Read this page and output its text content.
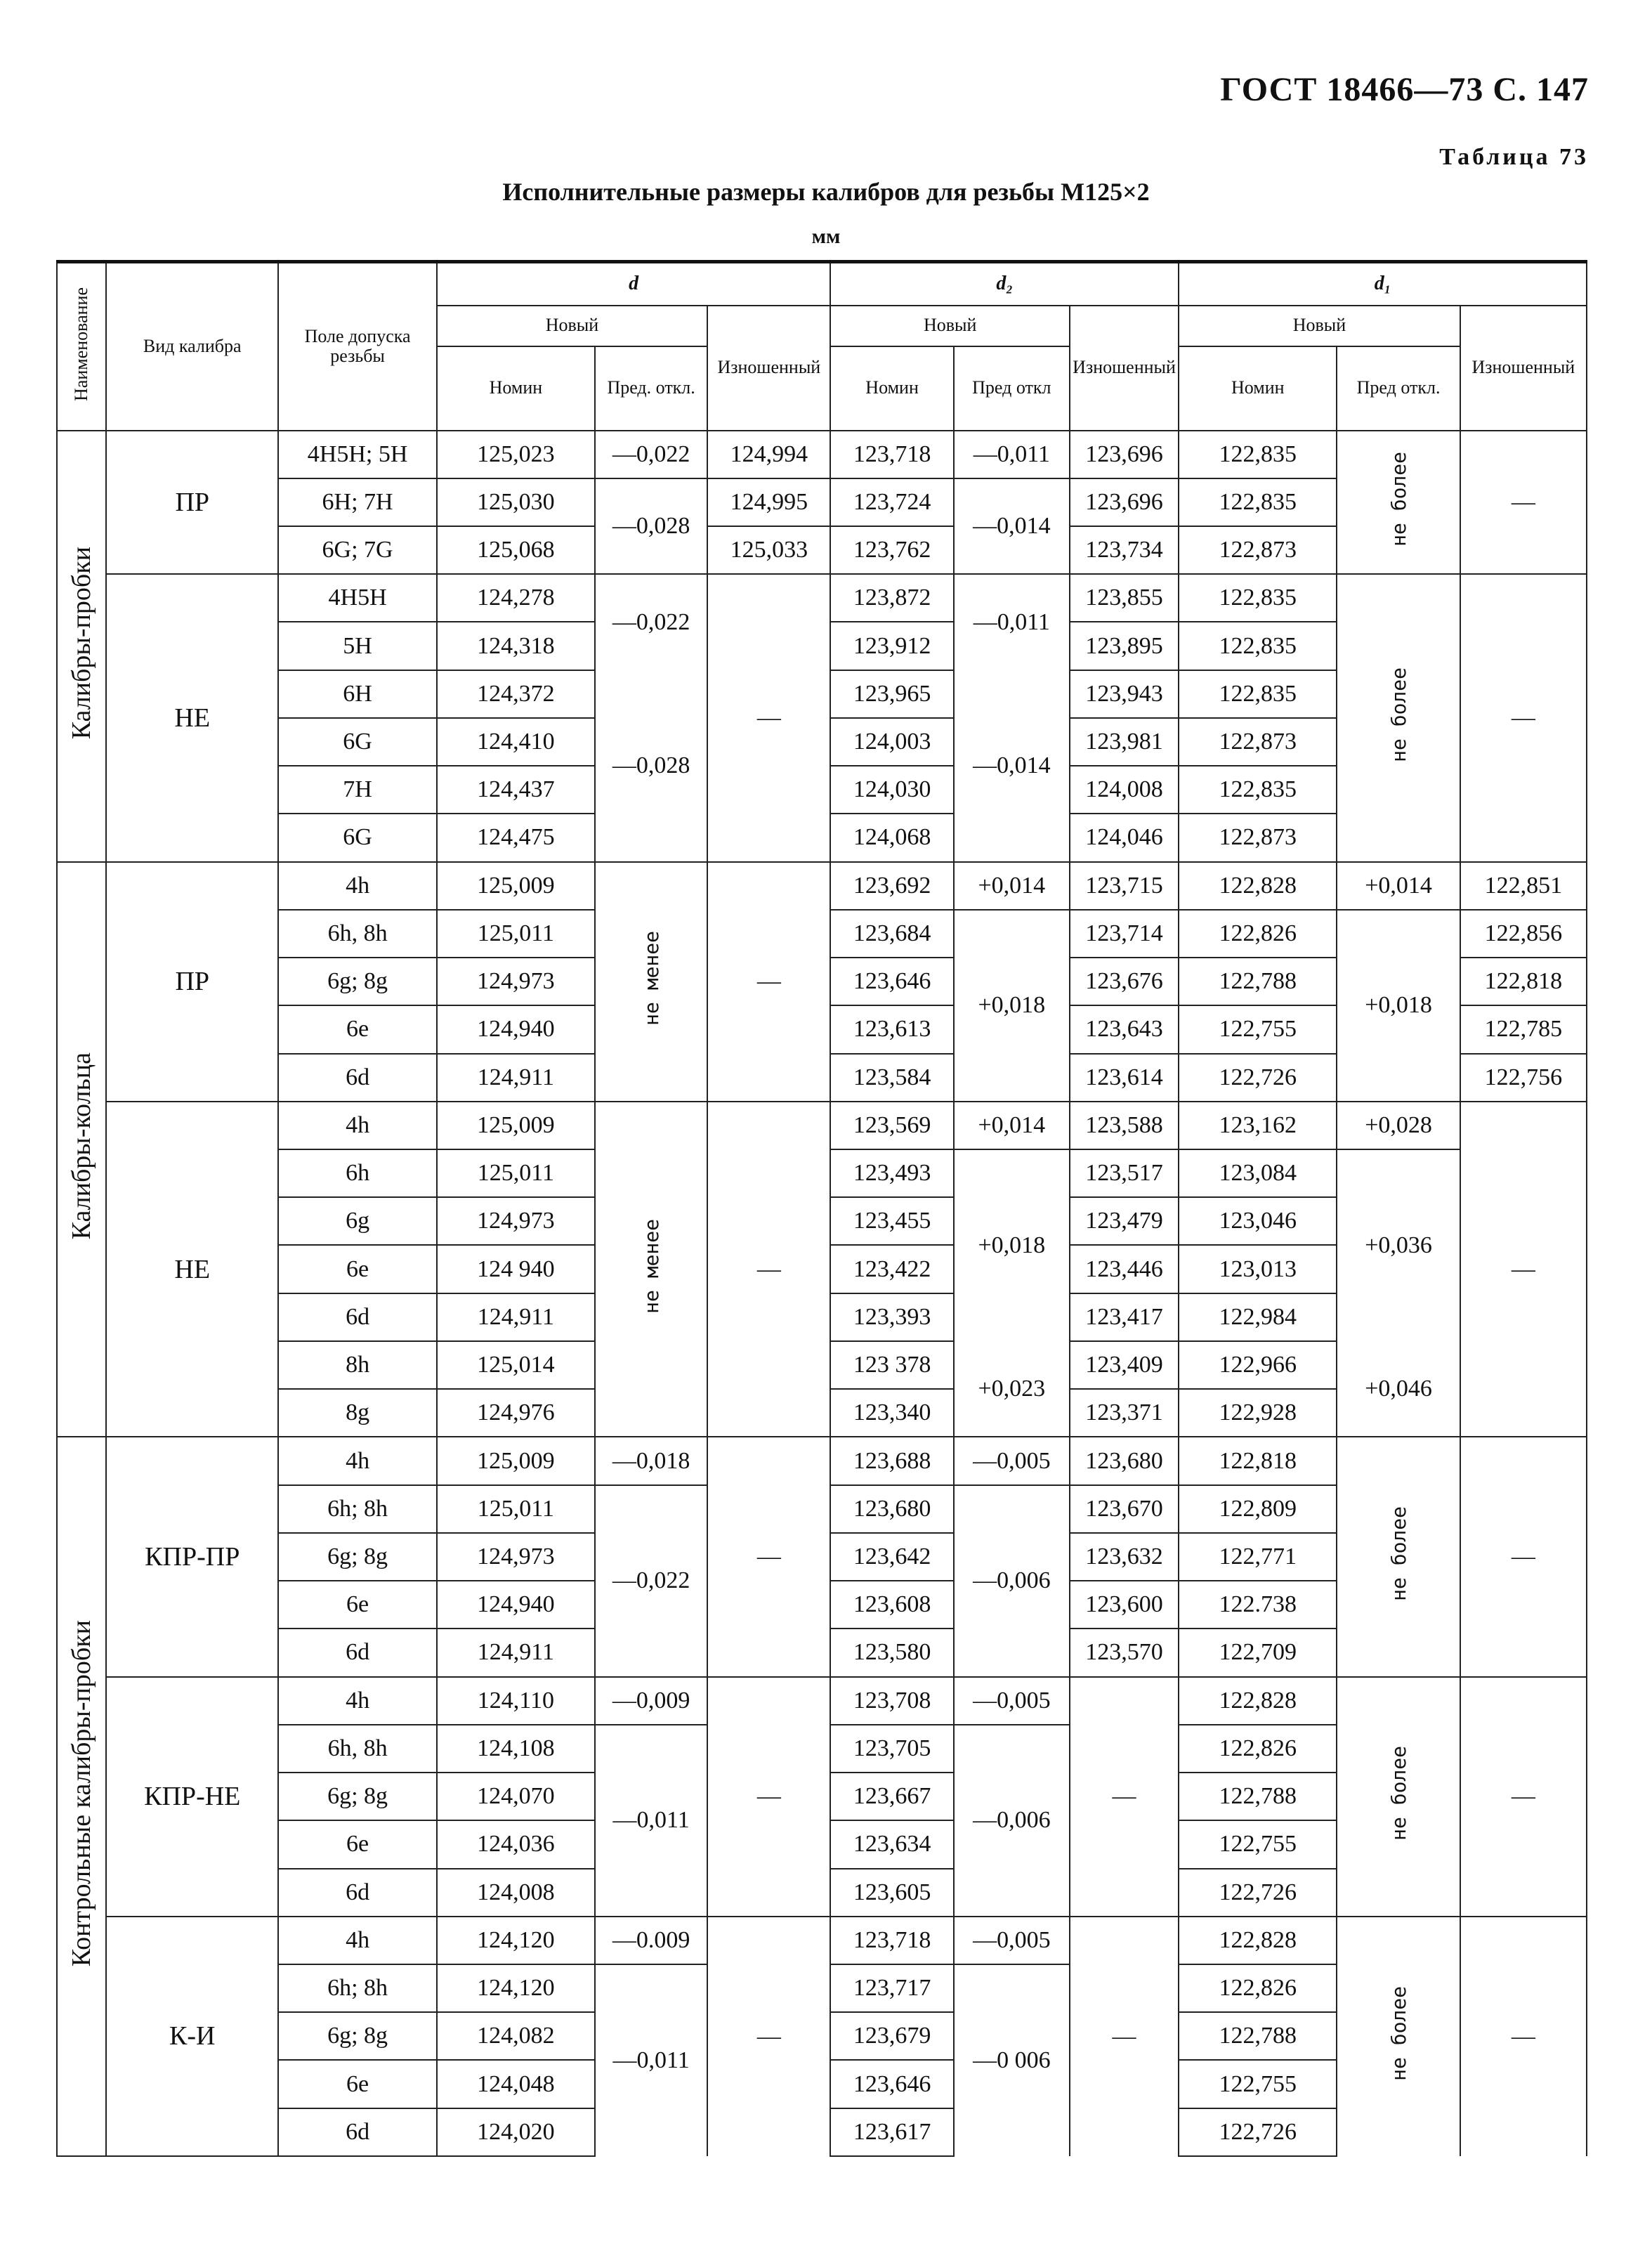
ГОСТ 18466—73 С. 147
Таблица 73
Исполнительные размеры калибров для резьбы M125×2
мм
Наименование	Вид калибра	Поле допуска резьбы	d			d₂			d₁		
			Новый		Изношенный	Новый		Изношенный	Новый		Изношенный
			Номин	Пред. откл.		Номин	Пред откл		Номин	Пред откл.	
Калибры-пробки	ПР	4H5H; 5H	125,023	—0,022	124,994	123,718	—0,011	123,696	122,835	не более	—
		6H; 7H	125,030	—0,028	124,995	123,724	—0,014	123,696	122,835		
		6G; 7G	125,068		125,033	123,762		123,734	122,873		
	НЕ	4H5H	124,278	—0,022	—	123,872	—0,011	123,855	122,835	не более	—
		5H	124,318			123,912		123,895	122,835		
		6H	124,372	—0,028		123,965	—0,014	123,943	122,835		
		6G	124,410			124,003		123,981	122,873		
		7H	124,437			124,030		124,008	122,835		
		6G	124,475			124,068		124,046	122,873		
Калибры-кольца	ПР	4h	125,009	не менее	—	123,692	+0,014	123,715	122,828	+0,014	122,851
		6h, 8h	125,011			123,684	+0,018	123,714	122,826	+0,018	122,856
		6g; 8g	124,973			123,646		123,676	122,788		122,818
		6e	124,940			123,613		123,643	122,755		122,785
		6d	124,911			123,584		123,614	122,726		122,756
	НЕ	4h	125,009	не менее	—	123,569	+0,014	123,588	123,162	+0,028	—
		6h	125,011			123,493	+0,018	123,517	123,084	+0,036	
		6g	124,973			123,455		123,479	123,046		
		6e	124 940			123,422		123,446	123,013		
		6d	124,911			123,393		123,417	122,984		
		8h	125,014			123 378	+0,023	123,409	122,966	+0,046	
		8g	124,976			123,340		123,371	122,928		
Контрольные калибры-пробки	КПР-ПР	4h	125,009	—0,018	—	123,688	—0,005	123,680	122,818	не более	—
		6h; 8h	125,011	—0,022		123,680	—0,006	123,670	122,809		
		6g; 8g	124,973			123,642		123,632	122,771		
		6e	124,940			123,608		123,600	122.738		
		6d	124,911			123,580		123,570	122,709		
	КПР-НЕ	4h	124,110	—0,009	—	123,708	—0,005	—	122,828	не более	—
		6h, 8h	124,108	—0,011		123,705	—0,006		122,826		
		6g; 8g	124,070			123,667			122,788		
		6e	124,036			123,634			122,755		
		6d	124,008			123,605			122,726		
	К-И	4h	124,120	—0.009	—	123,718	—0,005	—	122,828	не более	—
		6h; 8h	124,120	—0,011		123,717	—0 006		122,826		
		6g; 8g	124,082			123,679			122,788		
		6e	124,048			123,646			122,755		
		6d	124,020			123,617			122,726		
